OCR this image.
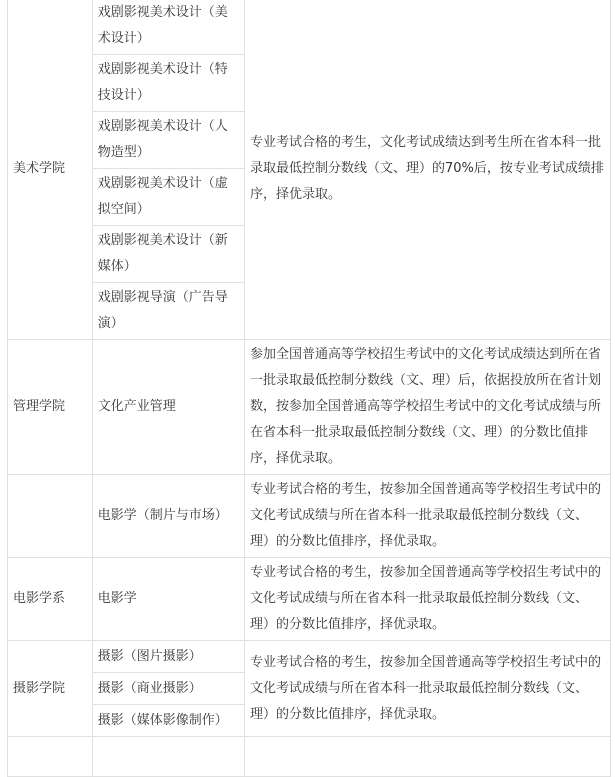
美术学院	戏剧影视美术设计（美术设计）	专业考试合格的考生，文化考试成绩达到考生所在省本科一批录取最低控制分数线（文、理）的70%后，按专业考试成绩排序，择优录取。

	戏剧影视美术设计（特技设计）	

	戏剧影视美术设计（人物造型）	

	戏剧影视美术设计（虚拟空间）	

	戏剧影视美术设计（新媒体）	

	戏剧影视导演（广告导演）	

管理学院	文化产业管理	参加全国普通高等学校招生考试中的文化考试成绩达到所在省一批录取最低控制分数线（文、理）后，依据投放所在省计划数，按参加全国普通高等学校招生考试中的文化考试成绩与所在省本科一批录取最低控制分数线（文、理）的分数比值排序，择优录取。

	电影学（制片与市场）	专业考试合格的考生，按参加全国普通高等学校招生考试中的文化考试成绩与所在省本科一批录取最低控制分数线（文、理）的分数比值排序，择优录取。

电影学系	电影学	专业考试合格的考生，按参加全国普通高等学校招生考试中的文化考试成绩与所在省本科一批录取最低控制分数线（文、理）的分数比值排序，择优录取。

摄影学院	摄影（图片摄影）	专业考试合格的考生，按参加全国普通高等学校招生考试中的文化考试成绩与所在省本科一批录取最低控制分数线（文、理）的分数比值排序，择优录取。

	摄影（商业摄影）	

	摄影（媒体影像制作）	
